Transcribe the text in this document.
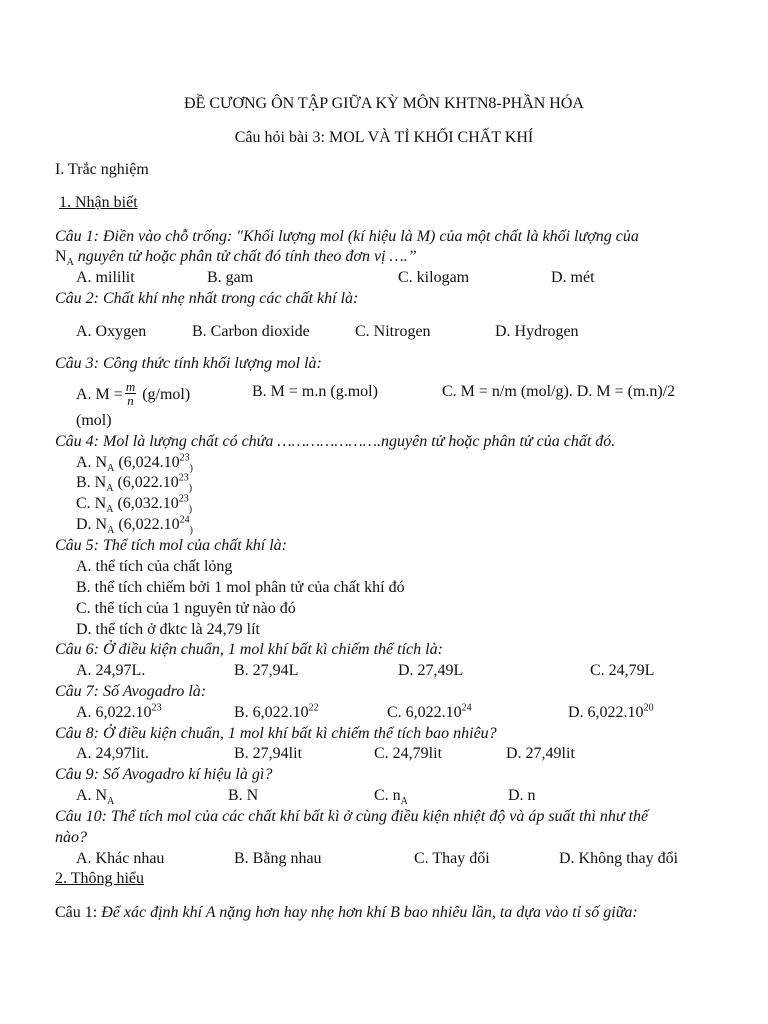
ĐỀ CƯƠNG ÔN TẬP GIỮA KỲ MÔN KHTN8-PHẦN HÓA
Câu hỏi bài 3: MOL VÀ TỈ KHỐI CHẤT KHÍ
I. Trắc nghiệm
1. Nhận biết
Câu 1: Điền vào chỗ trống: "Khối lượng mol (kí hiệu là M) của một chất là khối lượng của
$N_A$ nguyên tử hoặc phân tử chất đó tính theo đơn vị ….”
A. mililit	B. gam	C. kilogam	D. mét
Câu 2: Chất khí nhẹ nhất trong các chất khí là:
A. Oxygen	B. Carbon dioxide	C. Nitrogen	D. Hydrogen
Câu 3: Công thức tính khối lượng mol là:
A. $M = \frac{m}{n} (g/mol)$	B. M = m.n (g.mol)	C. M = n/m (mol/g). D. M = (m.n)/2
(mol)
Câu 4: Mol là lượng chất có chứa ………………….nguyên tử hoặc phân tử của chất đó.
A. $N_A$ ($6,024.10^{23}_)$
B. $N_A$ ($6,022.10^{23}_)$
C. $N_A$ ($6,032.10^{23}_)$
D. $N_A$ ($6,022.10^{24}_)$
Câu 5: Thể tích mol của chất khí là:
A. thể tích của chất lỏng
B. thể tích chiếm bởi 1 mol phân tử của chất khí đó
C. thể tích của 1 nguyên tử nào đó
D. thể tích ở đktc là 24,79 lít
Câu 6: Ở điều kiện chuẩn, 1 mol khí bất kì chiếm thể tích là:
A. 24,97L.	B. 27,94L	D. 27,49L	C. 24,79L
Câu 7: Số Avogadro là:
A. 6,022.10$^{23}$	B. 6,022.10$^{22}$	C. 6,022.10$^{24}$	D. 6,022.10$^{20}$
Câu 8: Ở điều kiện chuẩn, 1 mol khí bất kì chiếm thể tích bao nhiêu?
A. 24,97lit.	B. 27,94lit	C. 24,79lit	D. 27,49lit
Câu 9: Số Avogadro kí hiệu là gì?
A. $N_A$	B. N	C. $n_A$	D. n
Câu 10: Thể tích mol của các chất khí bất kì ở cùng điều kiện nhiệt độ và áp suất thì như thế
nào?
A. Khác nhau	B. Bằng nhau	C. Thay đổi	D. Không thay đổi
2. Thông hiểu
Câu 1: Để xác định khí A nặng hơn hay nhẹ hơn khí B bao nhiêu lần, ta dựa vào tỉ số giữa:
